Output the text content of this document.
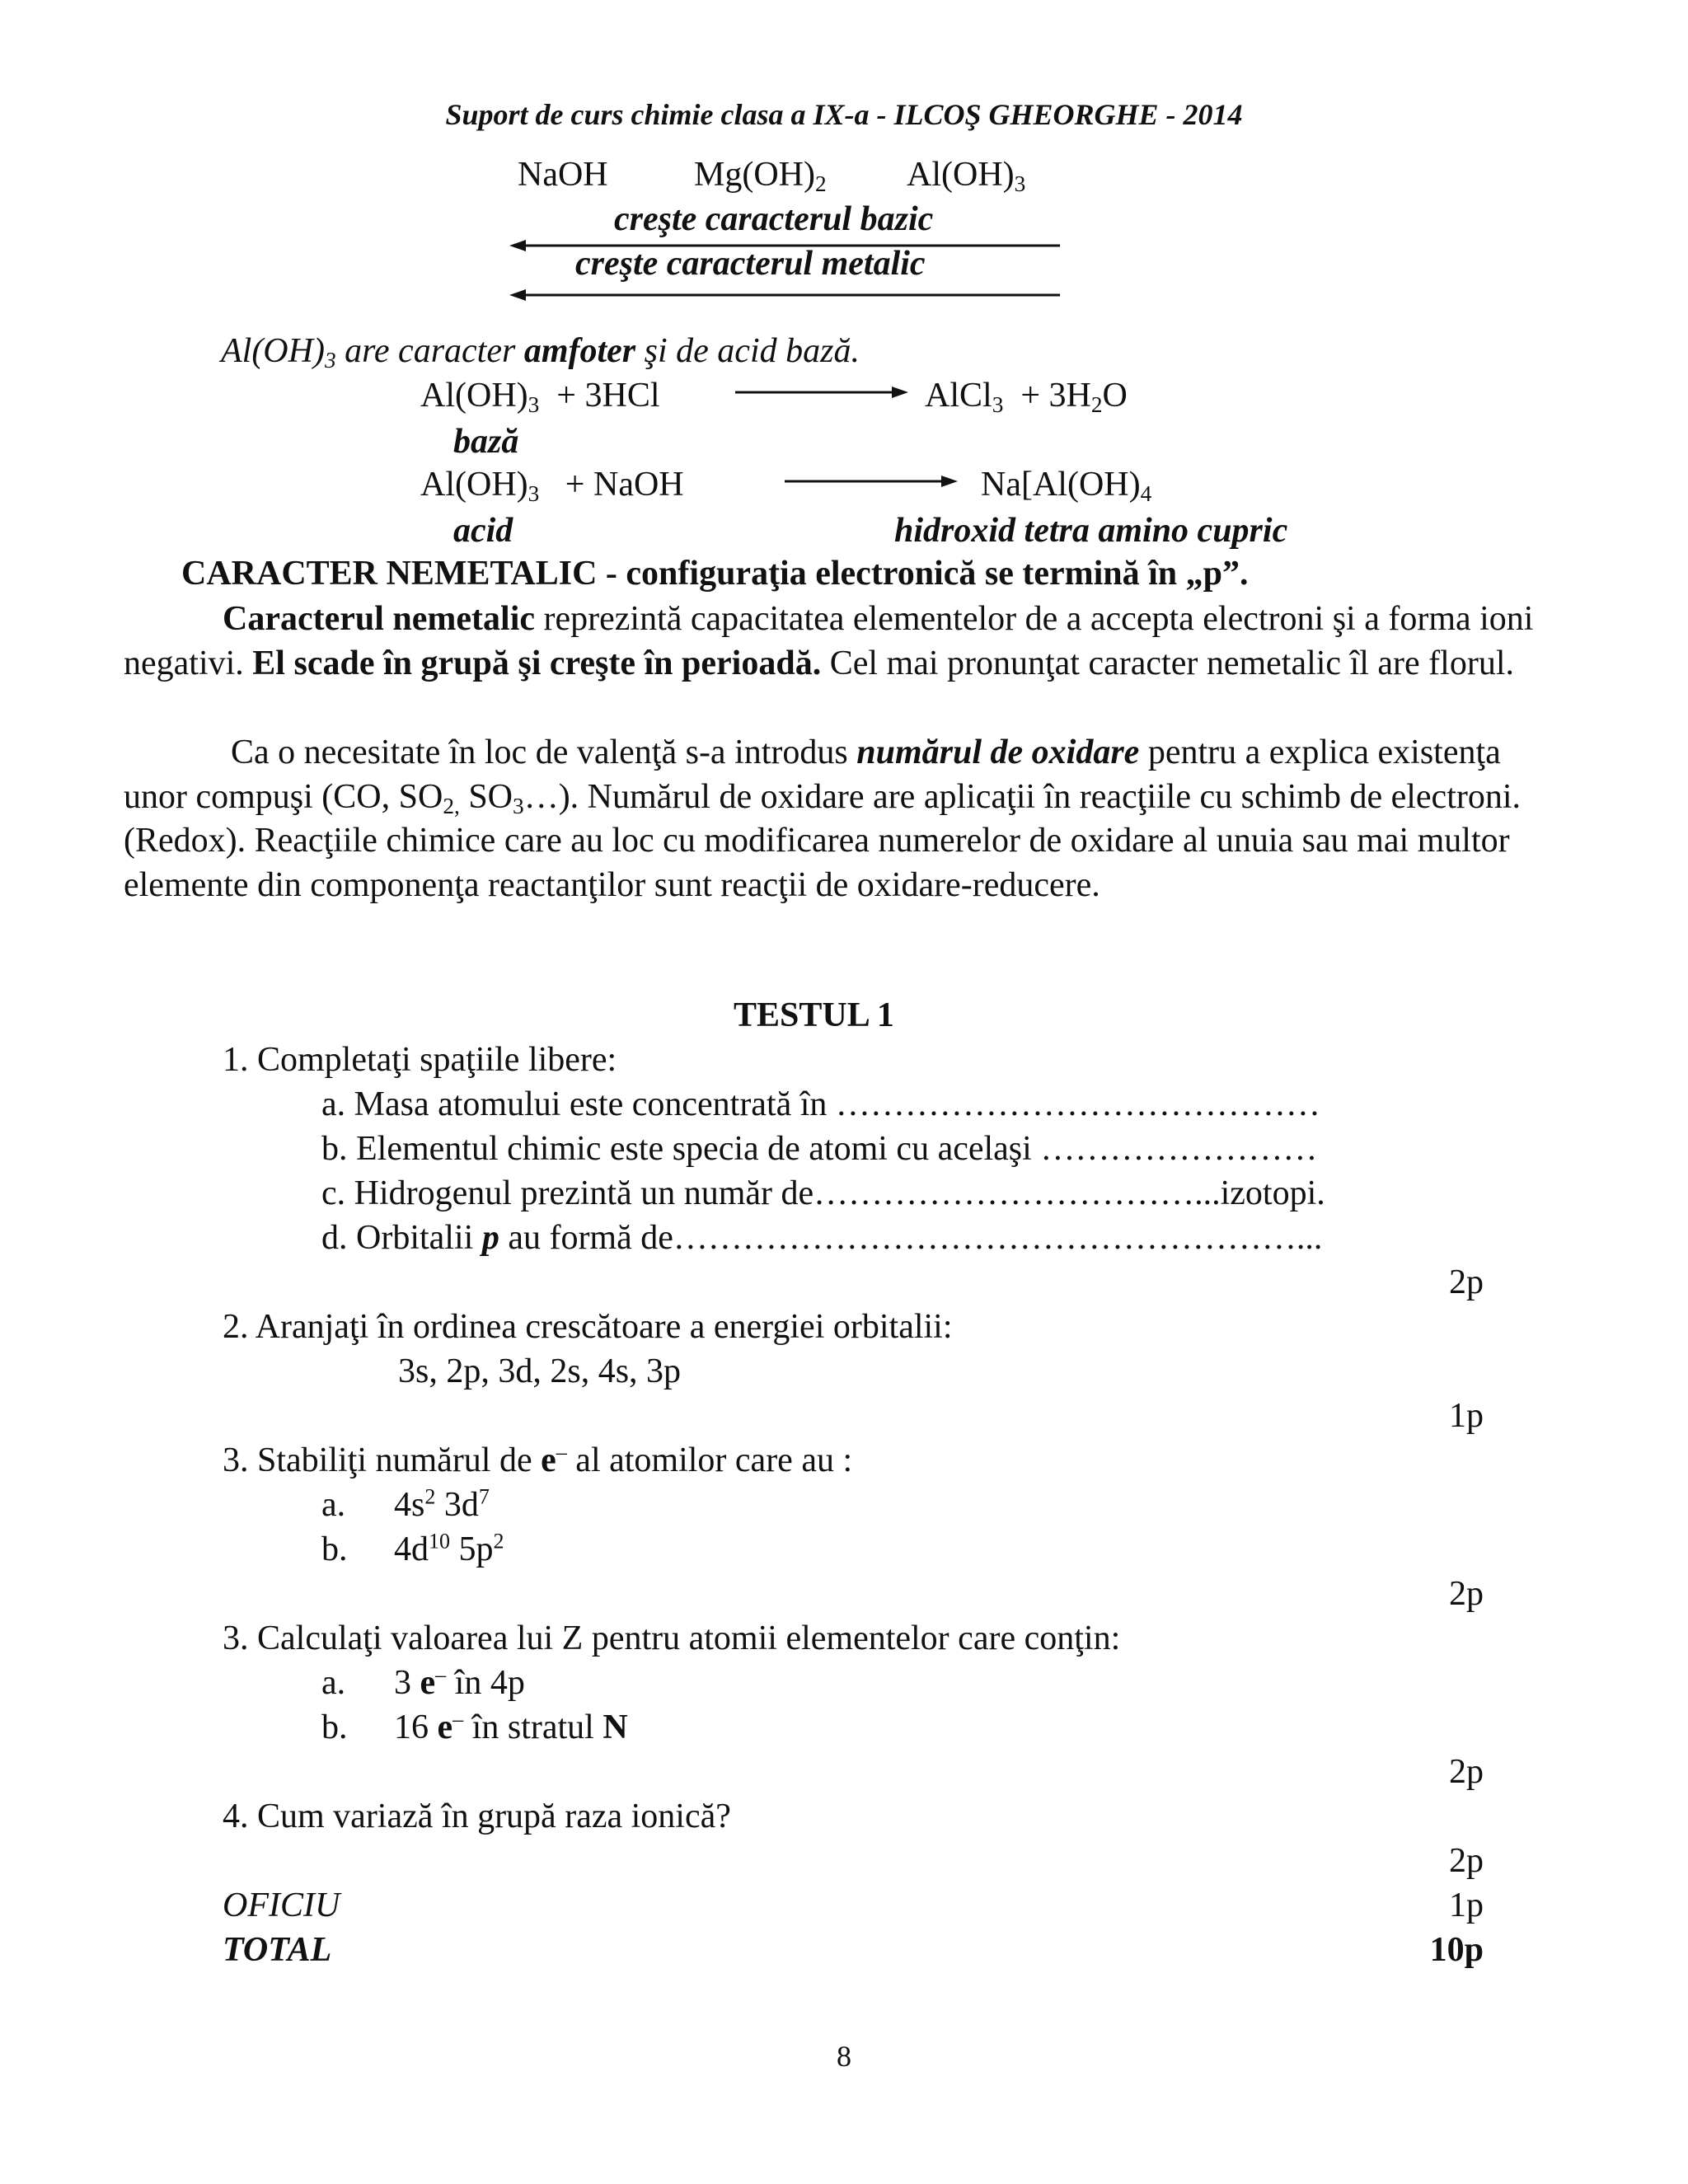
Suport de curs chimie clasa a IX-a - ILCOŞ GHEORGHE - 2014
NaOH $Mg(OH)_2$ $Al(OH)_3$
creşte caracterul bazic
creşte caracterul metalic
$Al(OH)_3$ are caracter amfoter şi de acid bază.
$Al(OH)_3 + 3HCl$	AlCl$_3$ + $3H_2O$
bază
$Al(OH)_3$ + NaOH	$Na[Al(OH)_4$
acid	hidroxid tetra amino cupric
CARACTER NEMETALIC - configuraţia electronică se termină în „p”.
Caracterul nemetalic reprezintă capacitatea elementelor de a accepta electroni şi a forma ioni negativi. El scade în grupă şi creşte în perioadă. Cel mai pronunţat caracter nemetalic îl are florul.
Ca o necesitate în loc de valenţă s-a introdus numărul de oxidare pentru a explica existenţa unor compuşi (CO, $SO_{2,}$ $SO_3\dots$). Numărul de oxidare are aplicaţii în reacţiile cu schimb de electroni. (Redox). Reacţiile chimice care au loc cu modificarea numerelor de oxidare al unuia sau mai multor elemente din componenţa reactanţilor sunt reacţii de oxidare-reducere.
TESTUL 1
1. Completaţi spaţiile libere:
a. Masa atomului este concentrată în ……………………………………
b. Elementul chimic este specia de atomi cu acelaşi ……………………
c. Hidrogenul prezintă un număr de……………………………...izotopi.
d. Orbitalii p au formă de………………………………………………...
2p
2. Aranjaţi în ordinea crescătoare a energiei orbitalii:
3s, 2p, 3d, 2s, 4s, 3p
1p
3. Stabiliţi numărul de e– al atomilor care au :
a. $4s^2$ $3d^7$
b. $4d^{10}$ $5p^2$
2p
3. Calculaţi valoarea lui Z pentru atomii elementelor care conţin:
a. 3 e– în 4p
b. 16 e– în stratul N
2p
4. Cum variază în grupă raza ionică?
2p
OFICIU	1p
TOTAL	10p
8
